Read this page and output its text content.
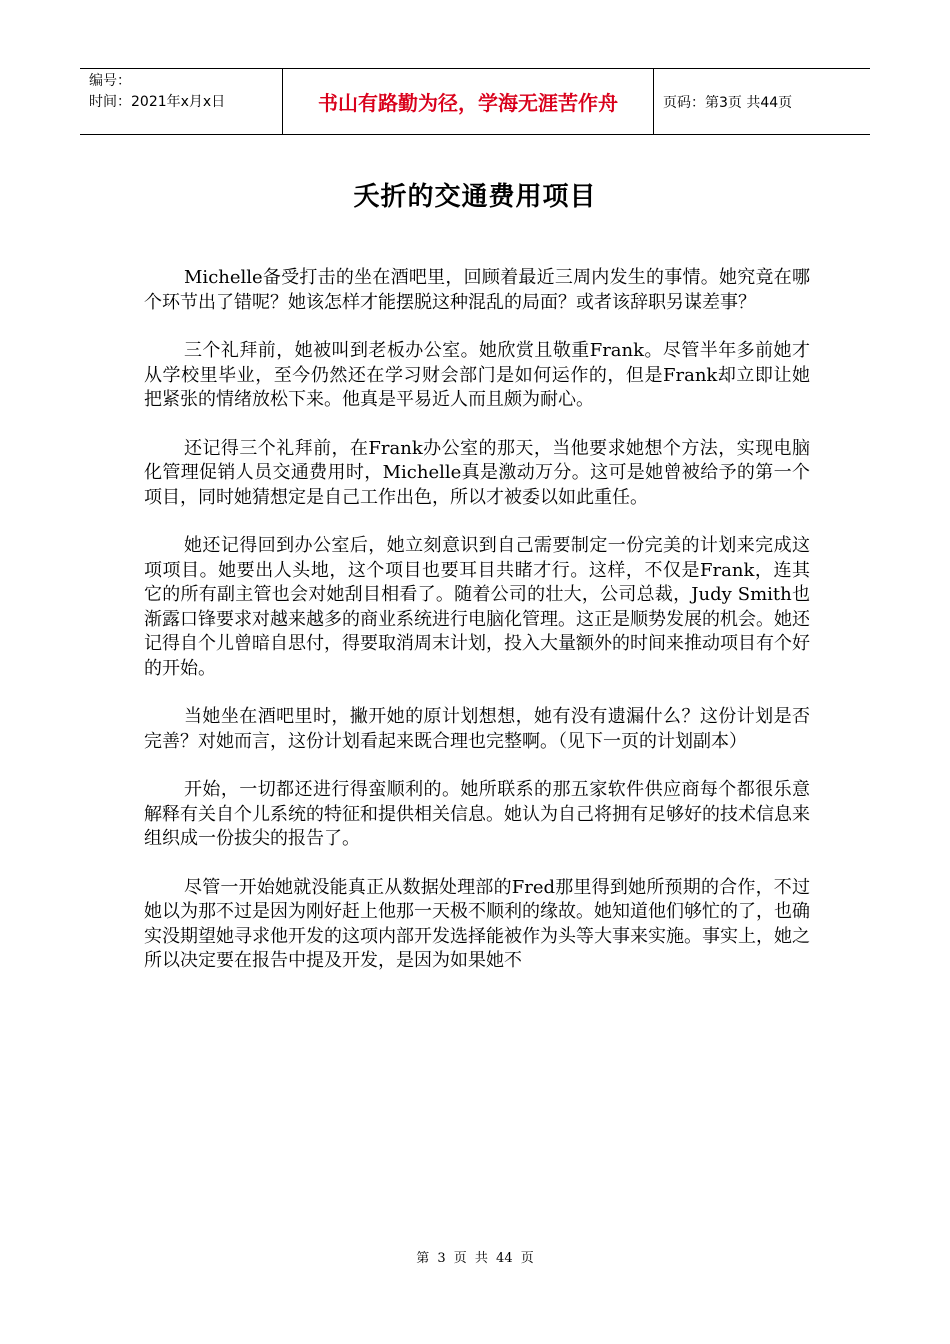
编号：
时间：2021年x月x日	书山有路勤为径，学海无涯苦作舟	页码：第3页 共44页
夭折的交通费用项目

Michelle备受打击的坐在酒吧里，回顾着最近三周内发生的事情。她究竟在哪个环节出了错呢？她该怎样才能摆脱这种混乱的局面？或者该辞职另谋差事？

三个礼拜前，她被叫到老板办公室。她欣赏且敬重Frank。尽管半年多前她才从学校里毕业，至今仍然还在学习财会部门是如何运作的，但是Frank却立即让她把紧张的情绪放松下来。他真是平易近人而且颇为耐心。

还记得三个礼拜前，在Frank办公室的那天，当他要求她想个方法，实现电脑化管理促销人员交通费用时，Michelle真是激动万分。这可是她曾被给予的第一个项目，同时她猜想定是自己工作出色，所以才被委以如此重任。

她还记得回到办公室后，她立刻意识到自己需要制定一份完美的计划来完成这项项目。她要出人头地，这个项目也要耳目共睹才行。这样，不仅是Frank，连其它的所有副主管也会对她刮目相看了。随着公司的壮大，公司总裁，Judy Smith也渐露口锋要求对越来越多的商业系统进行电脑化管理。这正是顺势发展的机会。她还记得自个儿曾暗自思付，得要取消周末计划，投入大量额外的时间来推动项目有个好的开始。

当她坐在酒吧里时，撇开她的原计划想想，她有没有遗漏什么？这份计划是否完善？对她而言，这份计划看起来既合理也完整啊。（见下一页的计划副本）

开始，一切都还进行得蛮顺利的。她所联系的那五家软件供应商每个都很乐意解释有关自个儿系统的特征和提供相关信息。她认为自己将拥有足够好的技术信息来组织成一份拔尖的报告了。

尽管一开始她就没能真正从数据处理部的Fred那里得到她所预期的合作，不过她以为那不过是因为刚好赶上他那一天极不顺利的缘故。她知道他们够忙的了，也确实没期望她寻求他开发的这项内部开发选择能被作为头等大事来实施。事实上，她之所以决定要在报告中提及开发，是因为如果她不

第 3 页 共 44 页
